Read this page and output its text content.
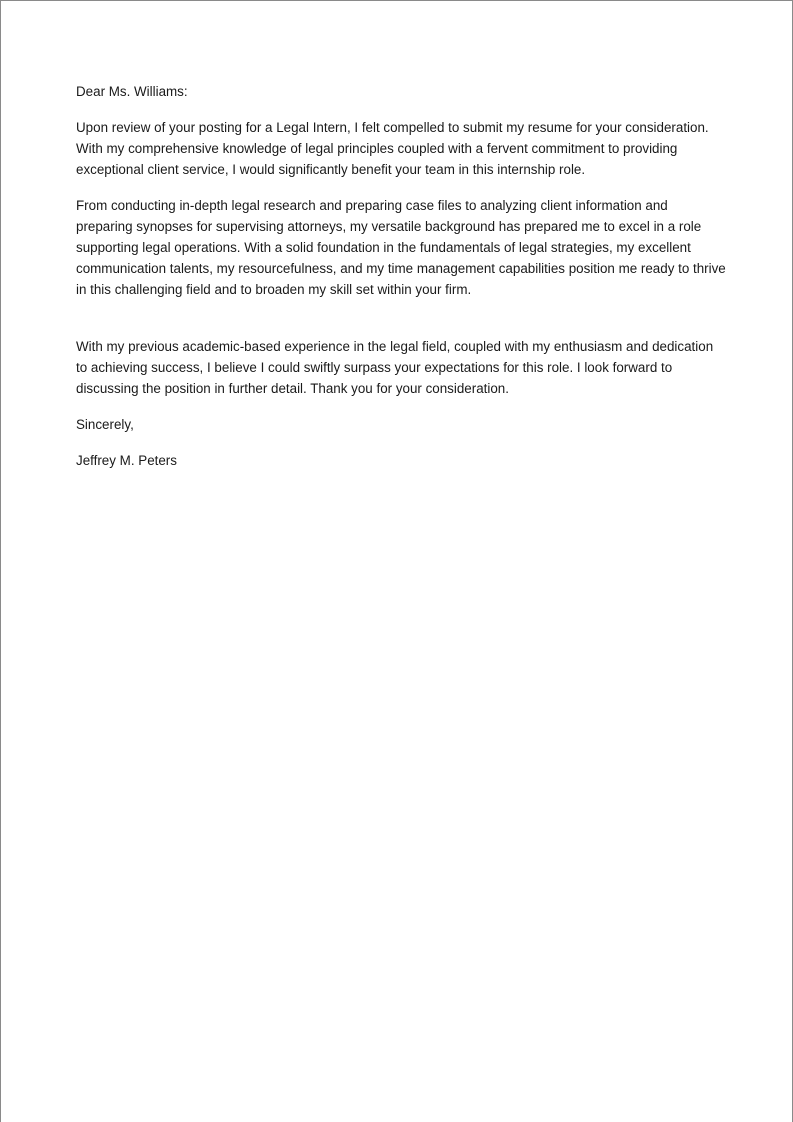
Dear Ms. Williams:

Upon review of your posting for a Legal Intern, I felt compelled to submit my resume for your consideration. With my comprehensive knowledge of legal principles coupled with a fervent commitment to providing exceptional client service, I would significantly benefit your team in this internship role.

From conducting in-depth legal research and preparing case files to analyzing client information and preparing synopses for supervising attorneys, my versatile background has prepared me to excel in a role supporting legal operations. With a solid foundation in the fundamentals of legal strategies, my excellent communication talents, my resourcefulness, and my time management capabilities position me ready to thrive in this challenging field and to broaden my skill set within your firm.

With my previous academic-based experience in the legal field, coupled with my enthusiasm and dedication to achieving success, I believe I could swiftly surpass your expectations for this role. I look forward to discussing the position in further detail. Thank you for your consideration.

Sincerely,

Jeffrey M. Peters
